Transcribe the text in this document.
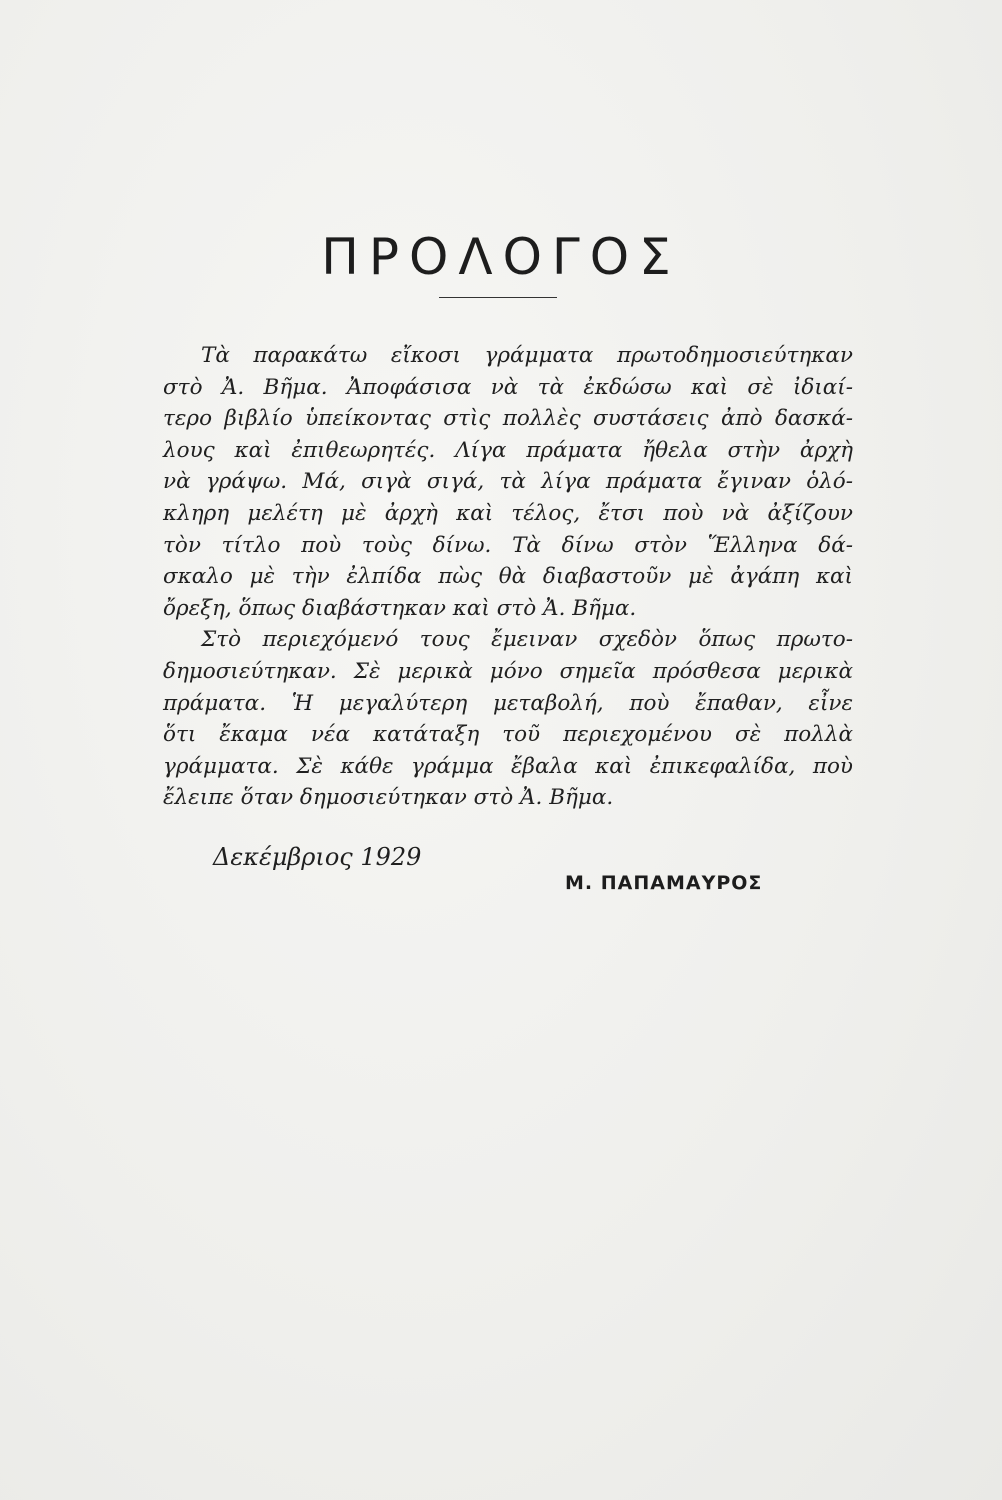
ΠΡΟΛΟΓΟΣ
Τὰ παρακάτω εἴκοσι γράμματα πρωτοδημοσιεύτηκαν
στὸ Ἀ. Βῆμα. Ἀποφάσισα νὰ τὰ ἐκδώσω καὶ σὲ ἰδιαί-
τερο βιβλίο ὑπείκοντας στὶς πολλὲς συστάσεις ἀπὸ δασκά-
λους καὶ ἐπιθεωρητές. Λίγα πράματα ἤθελα στὴν ἀρχὴ
νὰ γράψω. Μά, σιγὰ σιγά, τὰ λίγα πράματα ἔγιναν ὁλό-
κληρη μελέτη μὲ ἀρχὴ καὶ τέλος, ἔτσι ποὺ νὰ ἀξίζουν
τὸν τίτλο ποὺ τοὺς δίνω. Τὰ δίνω στὸν Ἕλληνα δά-
σκαλο μὲ τὴν ἐλπίδα πὼς θὰ διαβαστοῦν μὲ ἀγάπη καὶ
ὄρεξη, ὅπως διαβάστηκαν καὶ στὸ Ἀ. Βῆμα.
Στὸ περιεχόμενό τους ἔμειναν σχεδὸν ὅπως πρωτο-
δημοσιεύτηκαν. Σὲ μερικὰ μόνο σημεῖα πρόσθεσα μερικὰ
πράματα. Ἡ μεγαλύτερη μεταβολή, ποὺ ἔπαθαν, εἶνε
ὅτι ἔκαμα νέα κατάταξη τοῦ περιεχομένου σὲ πολλὰ
γράμματα. Σὲ κάθε γράμμα ἔβαλα καὶ ἐπικεφαλίδα, ποὺ
ἔλειπε ὅταν δημοσιεύτηκαν στὸ Ἀ. Βῆμα.
Δεκέμβριος 1929
Μ. ΠΑΠΑΜΑΥΡΟΣ
